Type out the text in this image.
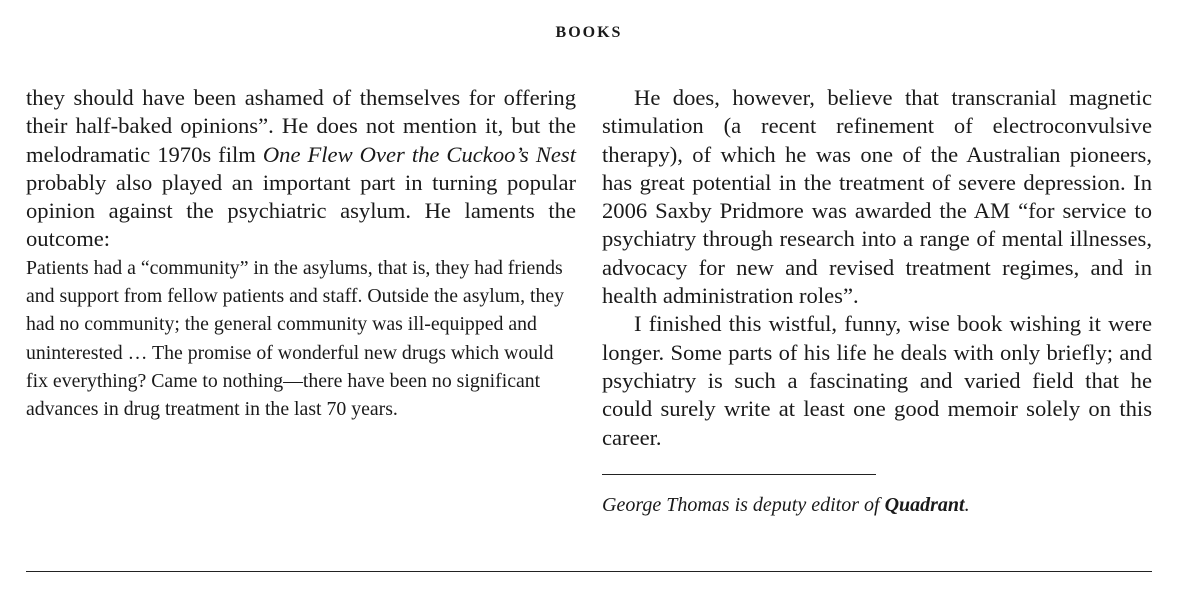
BOOKS

they should have been ashamed of themselves for offering their half-baked opinions”. He does not mention it, but the melodramatic 1970s film One Flew Over the Cuckoo’s Nest probably also played an important part in turning popular opinion against the psychiatric asylum. He laments the outcome:

Patients had a “community” in the asylums, that is, they had friends and support from fellow patients and staff. Outside the asylum, they had no community; the general community was ill-equipped and uninterested … The promise of wonderful new drugs which would fix everything? Came to nothing—there have been no significant advances in drug treatment in the last 70 years.

He does, however, believe that transcranial magnetic stimulation (a recent refinement of electroconvulsive therapy), of which he was one of the Australian pioneers, has great potential in the treatment of severe depression. In 2006 Saxby Pridmore was awarded the AM “for service to psychiatry through research into a range of mental illnesses, advocacy for new and revised treatment regimes, and in health administration roles”.

I finished this wistful, funny, wise book wishing it were longer. Some parts of his life he deals with only briefly; and psychiatry is such a fascinating and varied field that he could surely write at least one good memoir solely on this career.

George Thomas is deputy editor of Quadrant.
